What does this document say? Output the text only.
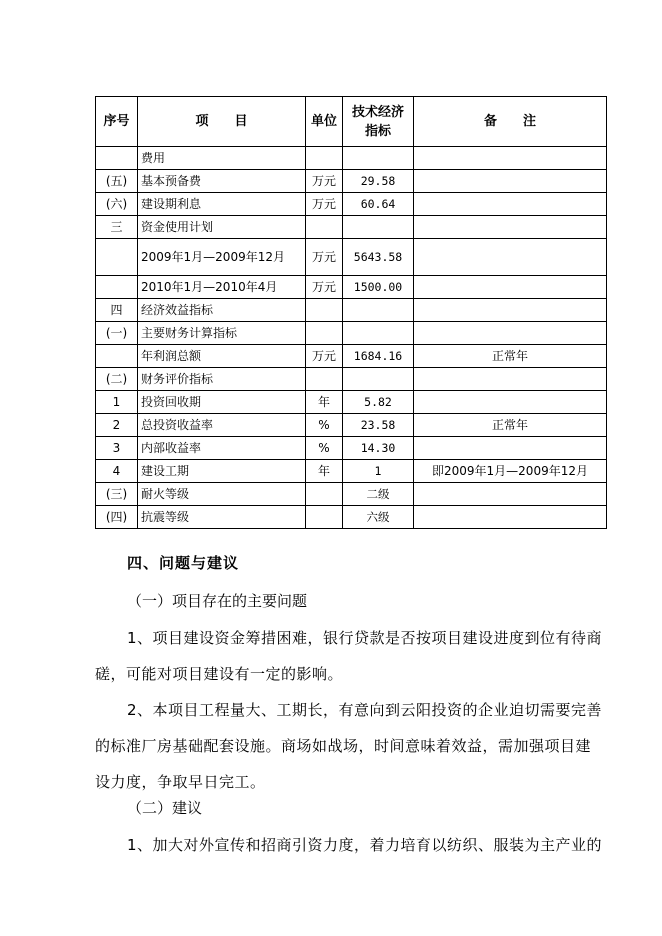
序号	项　　目	单位	技术经济指标	备　　注
	费用			
(五)	基本预备费	万元	29.58	
(六)	建设期利息	万元	60.64	
三	资金使用计划			
	2009年1月—2009年12月	万元	5643.58	
	2010年1月—2010年4月	万元	1500.00	
四	经济效益指标			
(一)	主要财务计算指标			
	年利润总额	万元	1684.16	正常年
(二)	财务评价指标			
1	投资回收期	年	5.82	
2	总投资收益率	%	23.58	正常年
3	内部收益率	%	14.30	
4	建设工期	年	1	即2009年1月—2009年12月
(三)	耐火等级		二级	
(四)	抗震等级		六级	
四、问题与建议
（一）项目存在的主要问题

1、项目建设资金筹措困难，银行贷款是否按项目建设进度到位有待商磋，可能对项目建设有一定的影响。

2、本项目工程量大、工期长，有意向到云阳投资的企业迫切需要完善的标准厂房基础配套设施。商场如战场，时间意味着效益，需加强项目建设力度，争取早日完工。

（二）建议

1、加大对外宣传和招商引资力度，着力培育以纺织、服装为主产业的
